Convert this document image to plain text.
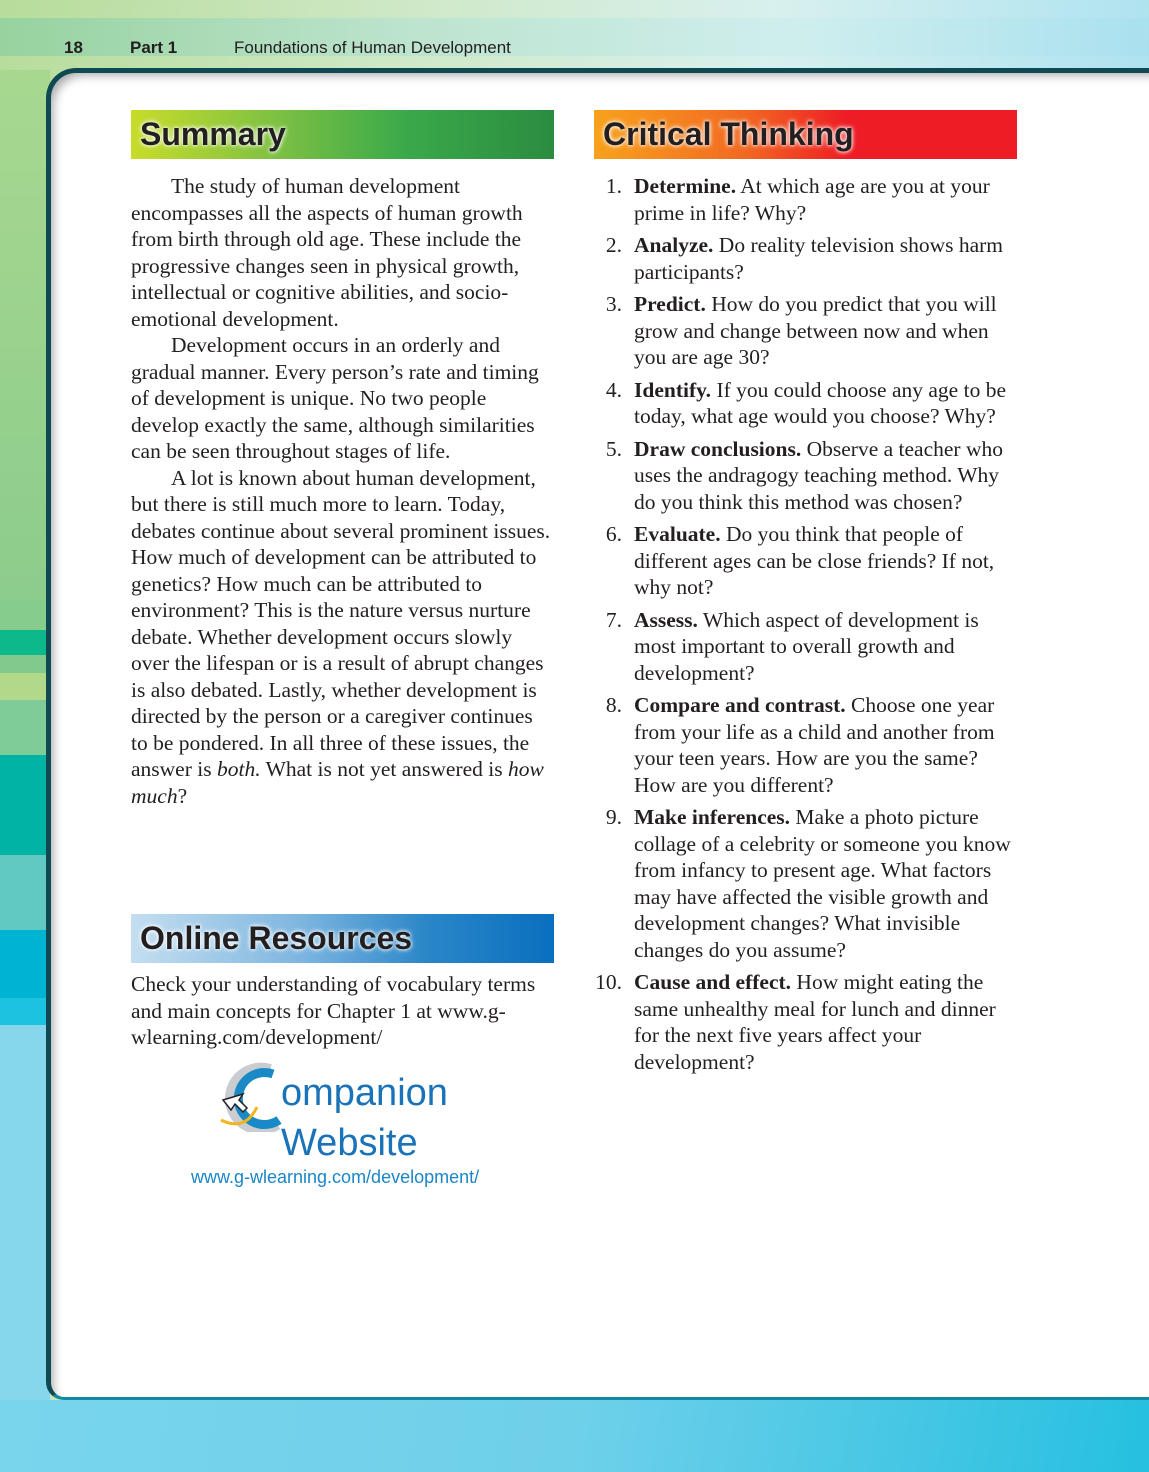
18	Part 1	Foundations of Human Development
Summary

The study of human development encompasses all the aspects of human growth from birth through old age. These include the progressive changes seen in physical growth, intellectual or cognitive abilities, and socio-emotional development.

Development occurs in an orderly and gradual manner. Every person’s rate and timing of development is unique. No two people develop exactly the same, although similarities can be seen throughout stages of life.

A lot is known about human development, but there is still much more to learn. Today, debates continue about several prominent issues. How much of development can be attributed to genetics? How much can be attributed to environment? This is the nature versus nurture debate. Whether development occurs slowly over the lifespan or is a result of abrupt changes is also debated. Lastly, whether development is directed by the person or a caregiver continues to be pondered. In all three of these issues, the answer is both. What is not yet answered is how much?

Online Resources
Check your understanding of vocabulary terms and main concepts for Chapter 1 at www.g-wlearning.com/development/
ompanion
Website
www.g-wlearning.com/development/
Critical Thinking
1. Determine. At which age are you at your prime in life? Why?
2. Analyze. Do reality television shows harm participants?
3. Predict. How do you predict that you will grow and change between now and when you are age 30?
4. Identify. If you could choose any age to be today, what age would you choose? Why?
5. Draw conclusions. Observe a teacher who uses the andragogy teaching method. Why do you think this method was chosen?
6. Evaluate. Do you think that people of different ages can be close friends? If not, why not?
7. Assess. Which aspect of development is most important to overall growth and development?
8. Compare and contrast. Choose one year from your life as a child and another from your teen years. How are you the same? How are you different?
9. Make inferences. Make a photo picture collage of a celebrity or someone you know from infancy to present age. What factors may have affected the visible growth and development changes? What invisible changes do you assume?
10. Cause and effect. How might eating the same unhealthy meal for lunch and dinner for the next five years affect your development?
